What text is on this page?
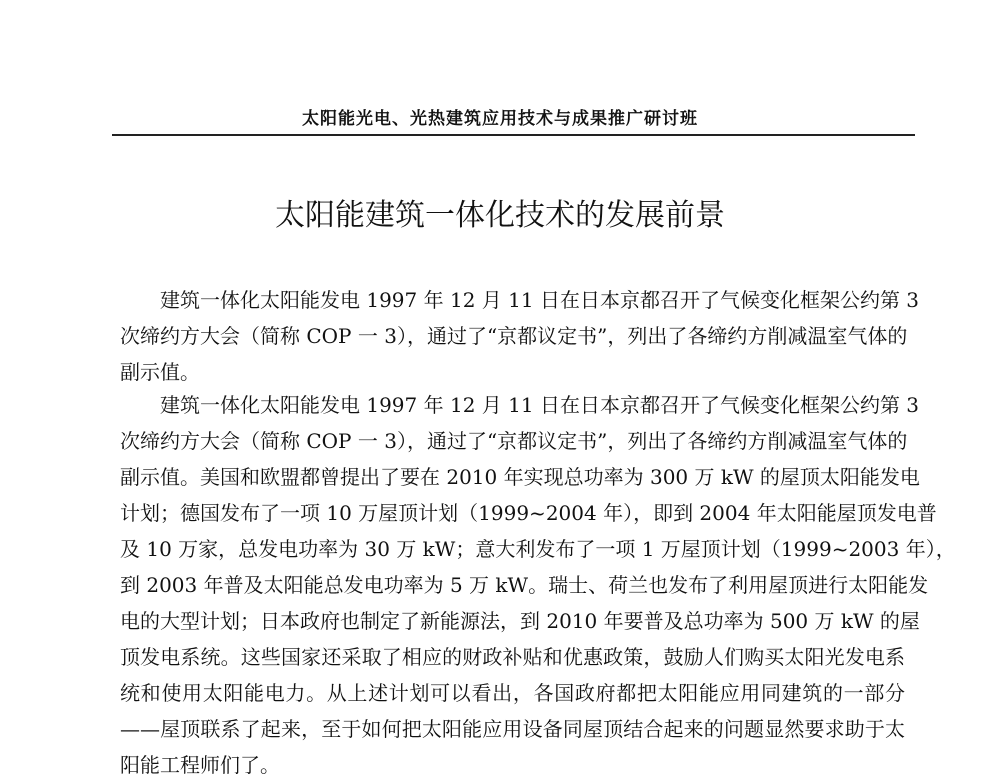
太阳能光电、光热建筑应用技术与成果推广研讨班
太阳能建筑一体化技术的发展前景
建筑一体化太阳能发电 1997 年 12 月 11 日在日本京都召开了气候变化框架公约第 3
次缔约方大会（简称 COP 一 3），通过了“京都议定书”，列出了各缔约方削减温室气体的
副示值。
建筑一体化太阳能发电 1997 年 12 月 11 日在日本京都召开了气候变化框架公约第 3
次缔约方大会（简称 COP 一 3），通过了“京都议定书”，列出了各缔约方削减温室气体的
副示值。美国和欧盟都曾提出了要在 2010 年实现总功率为 300 万 kW 的屋顶太阳能发电
计划；德国发布了一项 10 万屋顶计划（1999~2004 年），即到 2004 年太阳能屋顶发电普
及 10 万家，总发电功率为 30 万 kW；意大利发布了一项 1 万屋顶计划（1999~2003 年），
到 2003 年普及太阳能总发电功率为 5 万 kW。瑞士、荷兰也发布了利用屋顶进行太阳能发
电的大型计划；日本政府也制定了新能源法，到 2010 年要普及总功率为 500 万 kW 的屋
顶发电系统。这些国家还采取了相应的财政补贴和优惠政策，鼓励人们购买太阳光发电系
统和使用太阳能电力。从上述计划可以看出，各国政府都把太阳能应用同建筑的一部分
——屋顶联系了起来，至于如何把太阳能应用设备同屋顶结合起来的问题显然要求助于太
阳能工程师们了。
